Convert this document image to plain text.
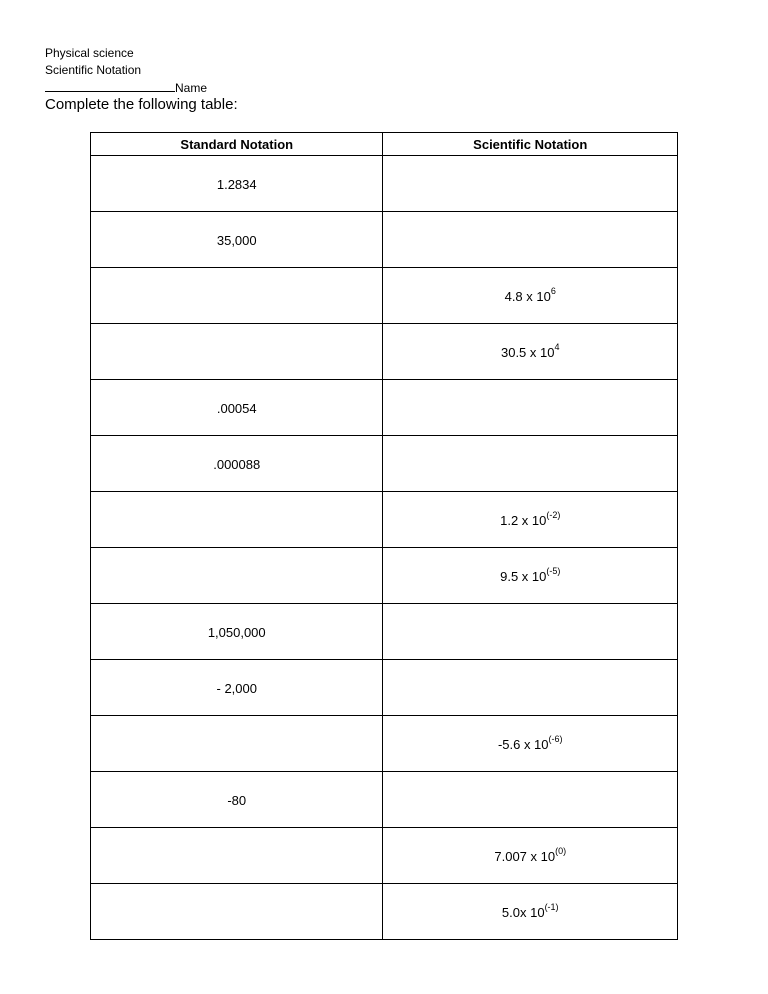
Physical science
Scientific Notation
Name
Complete the following table:
Standard Notation	Scientific Notation
1.2834	
35,000	
	4.8 x $10^6$
	30.5 x $10^4$
.00054	
.000088	
	1.2 x $10^{(-2)}$
	9.5 x $10^{(-5)}$
1,050,000	
- 2,000	
	-5.6 x $10^{(-6)}$
-80	
	7.007 x 10$^{(0)}$
	5.0x $10^{(-1)}$
